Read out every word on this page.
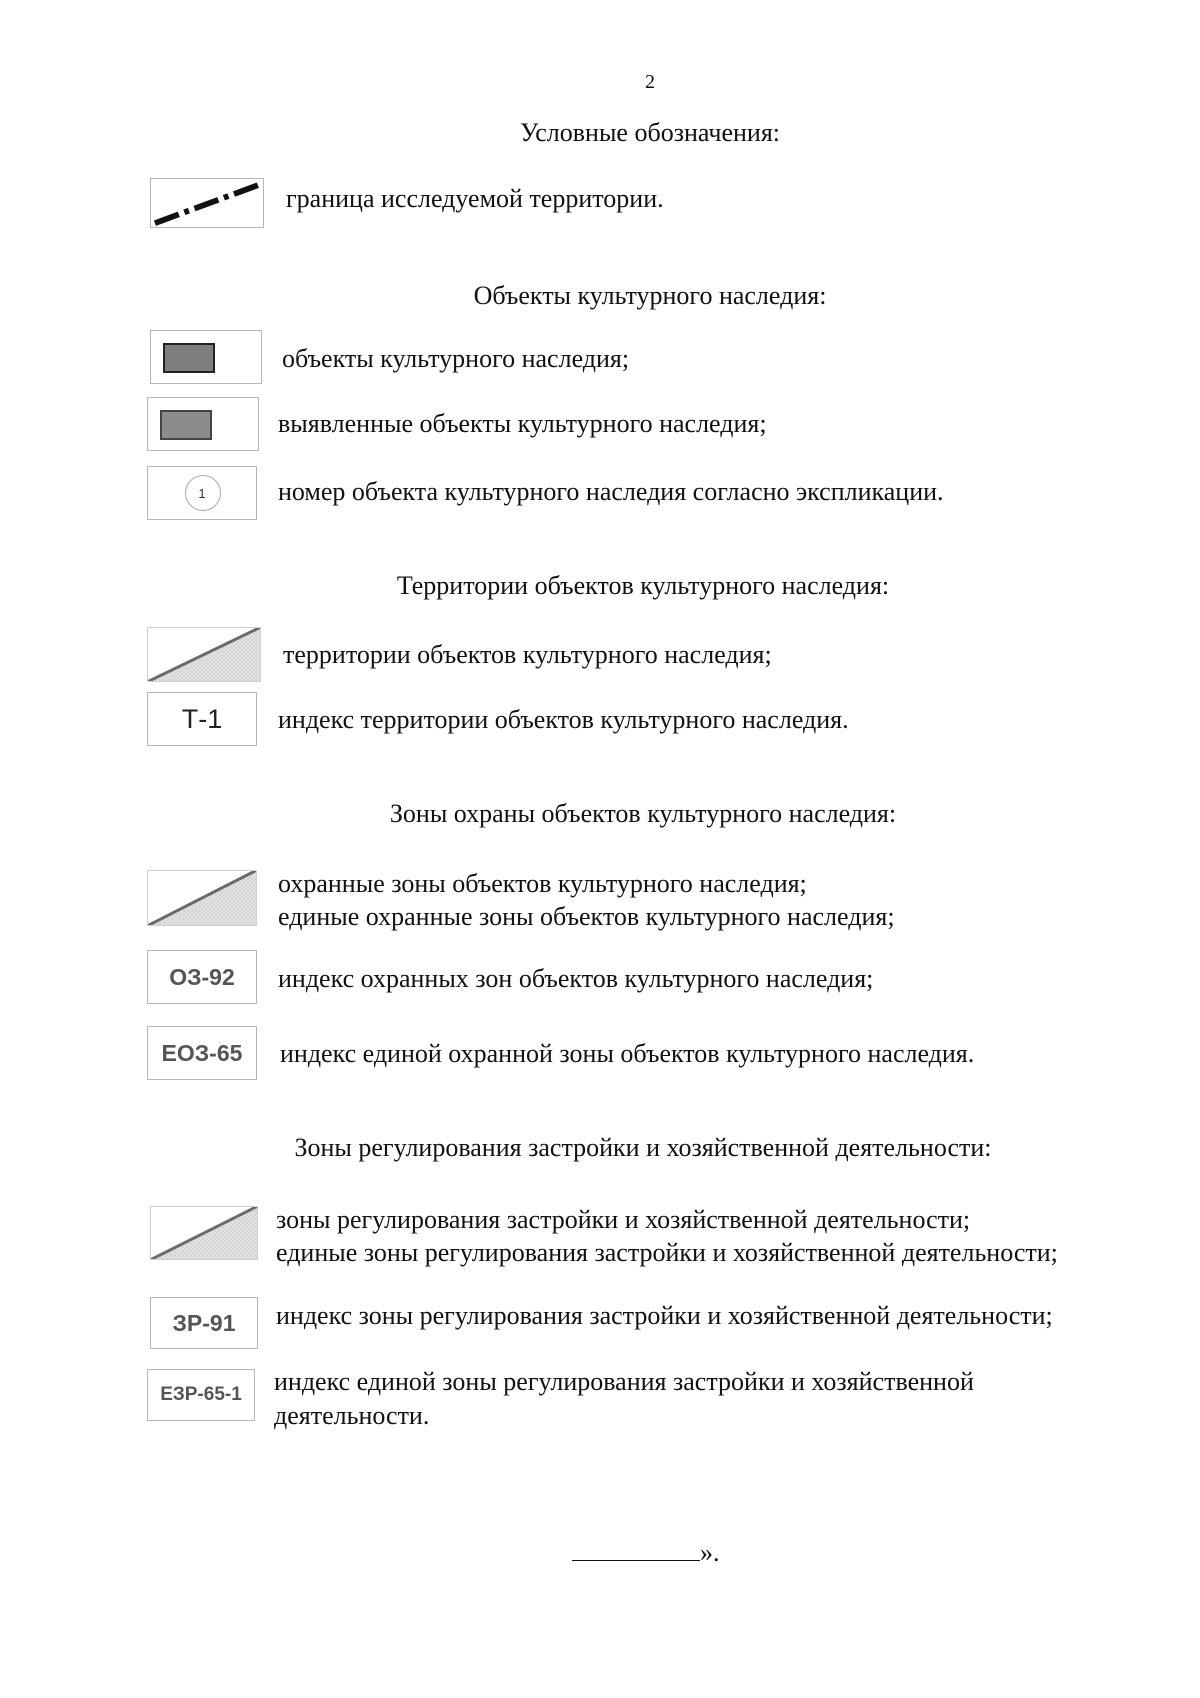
2
Условные обозначения:
граница исследуемой территории.
Объекты культурного наследия:
объекты культурного наследия;
выявленные объекты культурного наследия;
1	номер объекта культурного наследия согласно экспликации.
Территории объектов культурного наследия:
территории объектов культурного наследия;
Т-1	индекс территории объектов культурного наследия.
Зоны охраны объектов культурного наследия:
охранные зоны объектов культурного наследия;
единые охранные зоны объектов культурного наследия;
ОЗ-92	индекс охранных зон объектов культурного наследия;
ЕОЗ-65	индекс единой охранной зоны объектов культурного наследия.
Зоны регулирования застройки и хозяйственной деятельности:
зоны регулирования застройки и хозяйственной деятельности;
единые зоны регулирования застройки и хозяйственной деятельности;
ЗР-91	индекс зоны регулирования застройки и хозяйственной деятельности;
ЕЗР-65-1	индекс единой зоны регулирования застройки и хозяйственной
деятельности.
».
